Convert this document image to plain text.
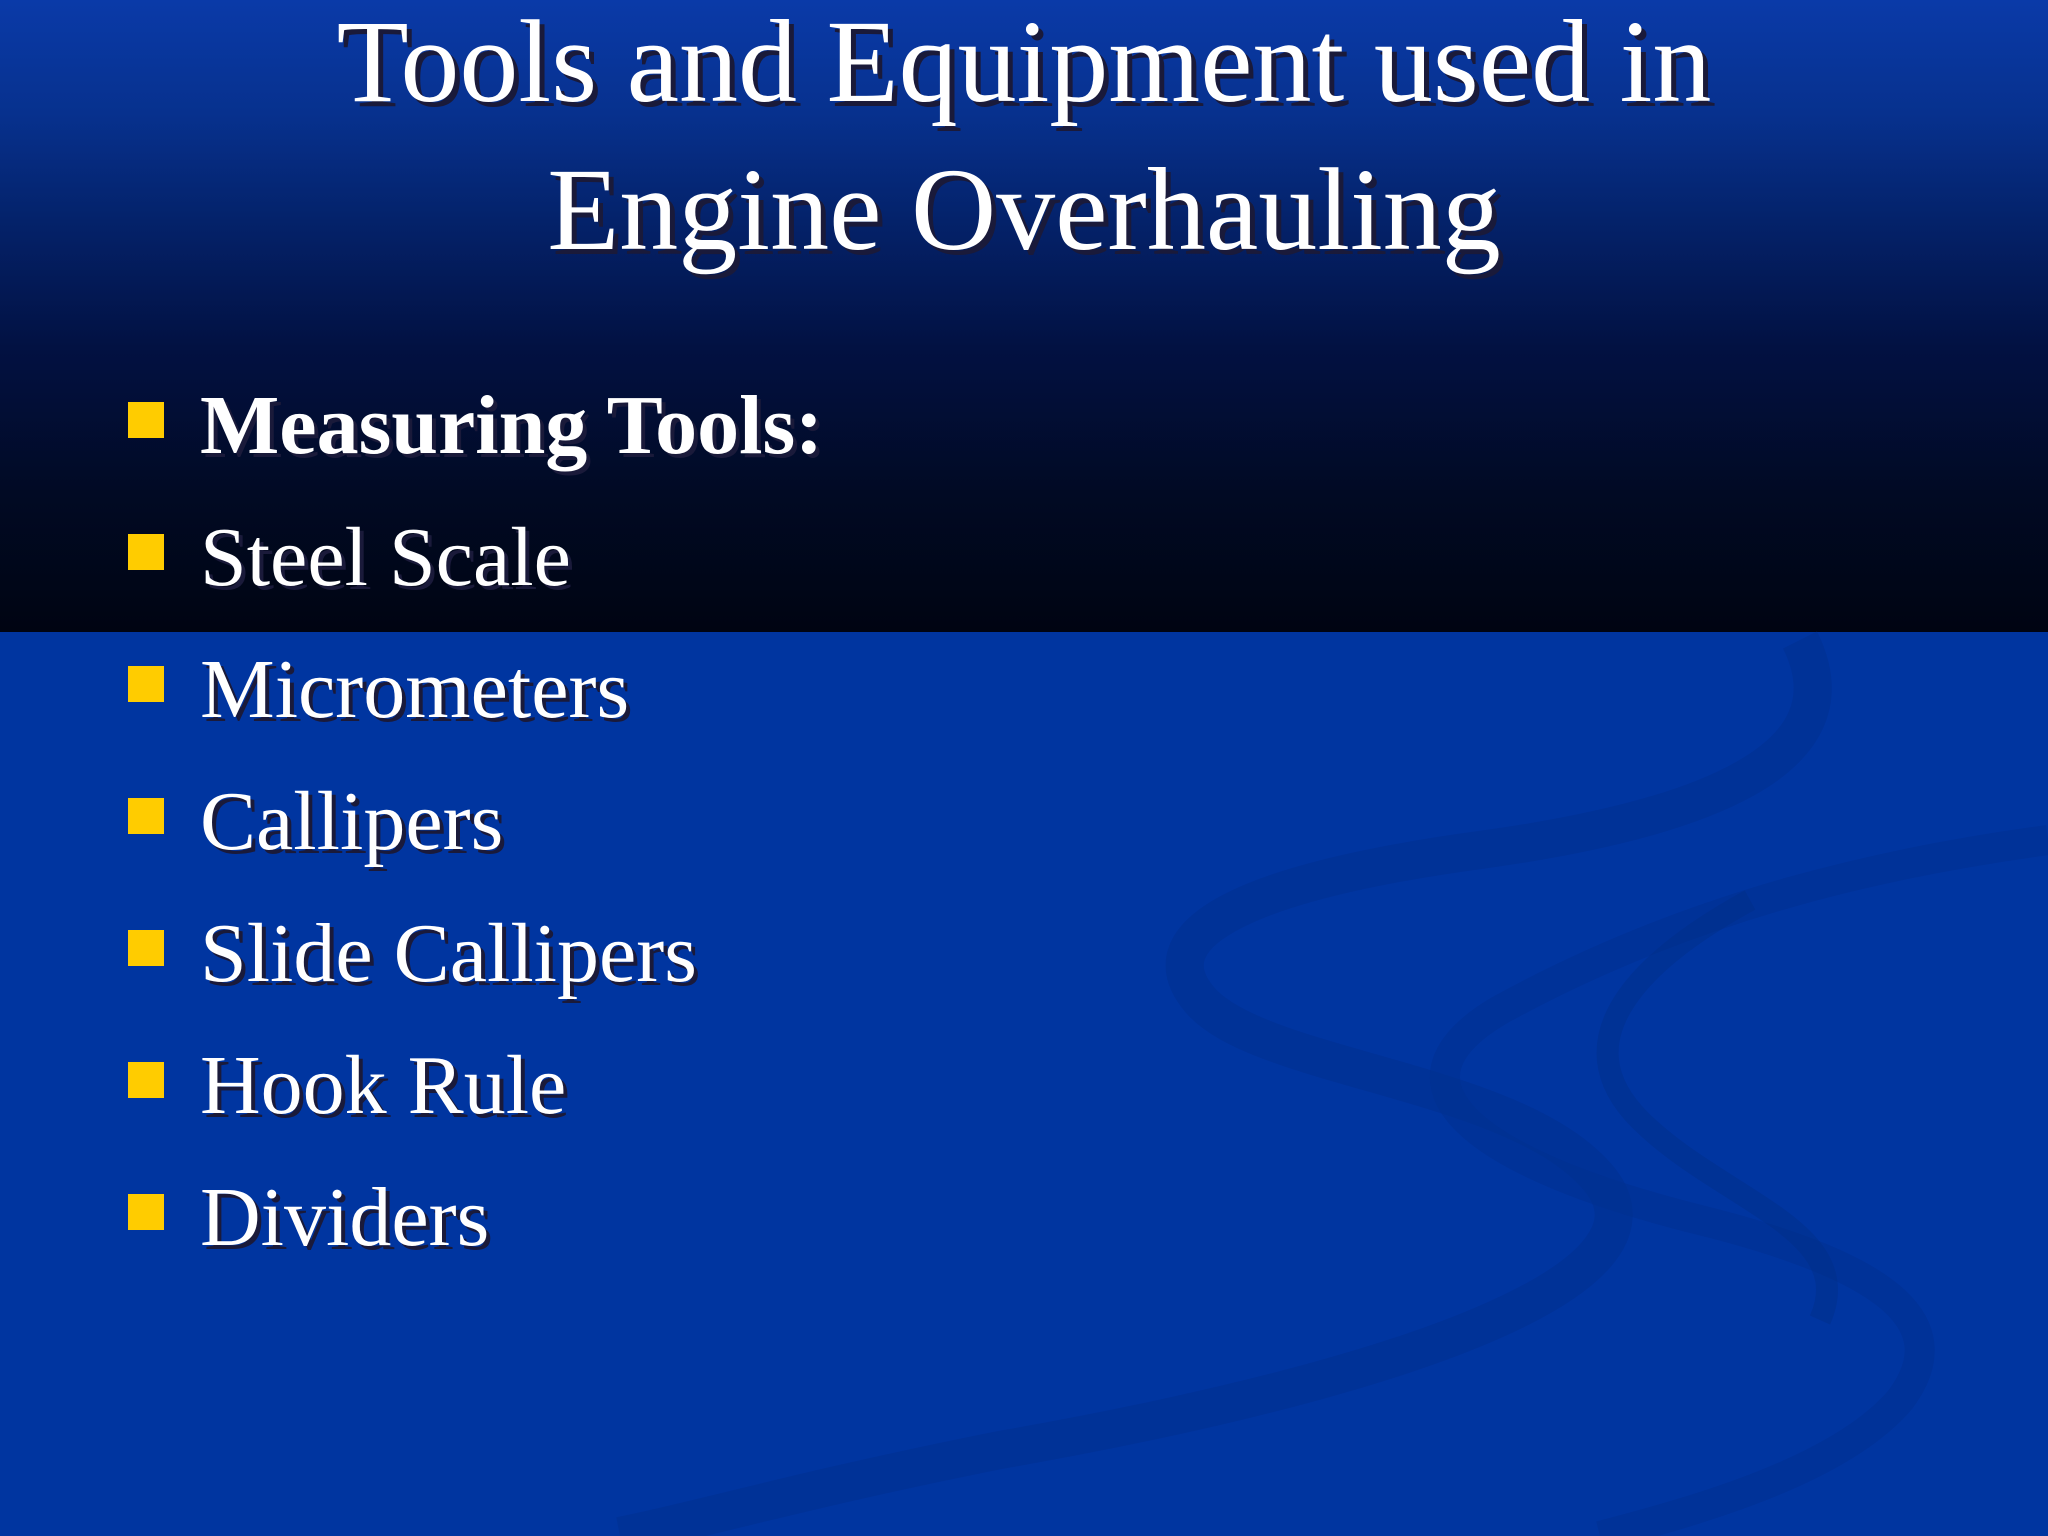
Tools and Equipment used in
Engine Overhauling
Measuring Tools:
Steel Scale
Micrometers
Callipers
Slide Callipers
Hook Rule
Dividers
